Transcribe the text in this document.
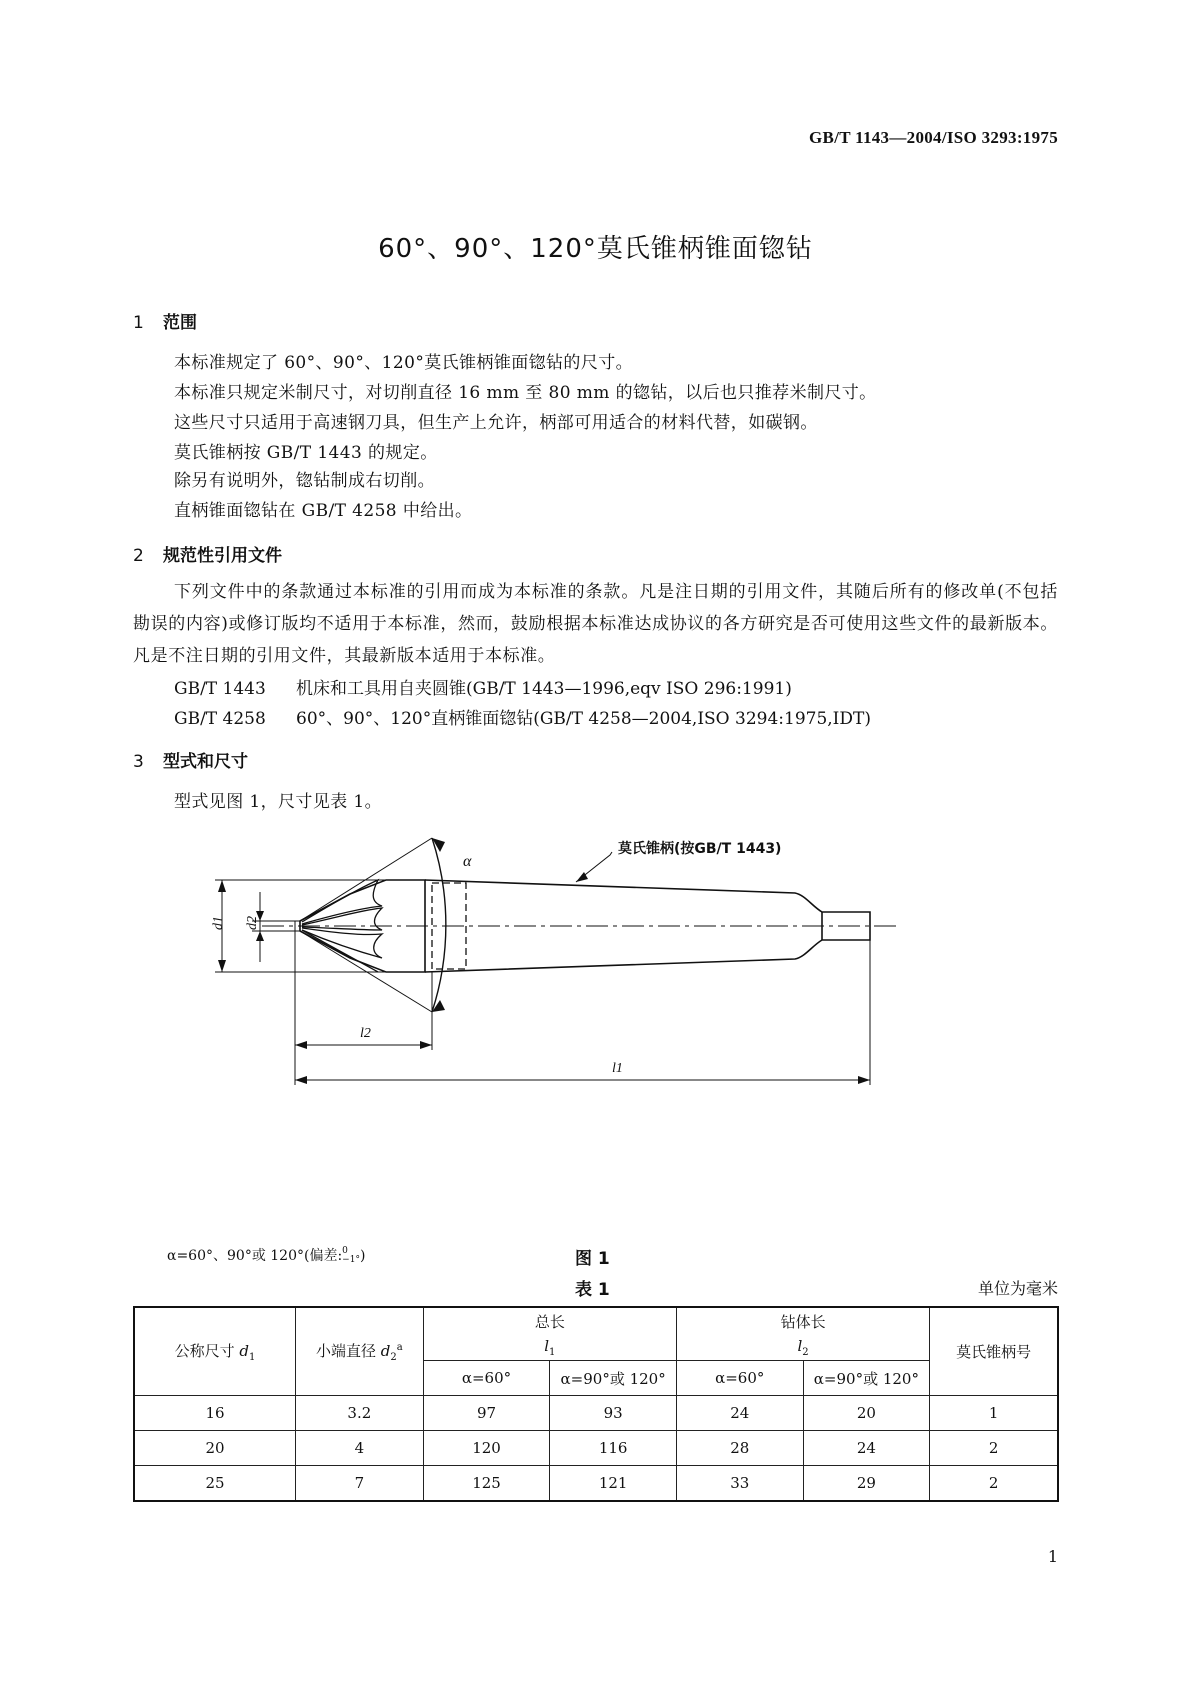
GB/T 1143—2004/ISO 3293:1975
60°、90°、120°莫氏锥柄锥面锪钻
1 范围
本标准规定了 60°、90°、120°莫氏锥柄锥面锪钻的尺寸。
本标准只规定米制尺寸，对切削直径 16 mm 至 80 mm 的锪钻，以后也只推荐米制尺寸。
这些尺寸只适用于高速钢刀具，但生产上允许，柄部可用适合的材料代替，如碳钢。
莫氏锥柄按 GB/T 1443 的规定。
除另有说明外，锪钻制成右切削。
直柄锥面锪钻在 GB/T 4258 中给出。
2 规范性引用文件
下列文件中的条款通过本标准的引用而成为本标准的条款。凡是注日期的引用文件，其随后所有的修改单(不包括勘误的内容)或修订版均不适用于本标准，然而，鼓励根据本标准达成协议的各方研究是否可使用这些文件的最新版本。凡是不注日期的引用文件，其最新版本适用于本标准。
GB/T 1443 机床和工具用自夹圆锥(GB/T 1443—1996,eqv ISO 296:1991)
GB/T 4258 60°、90°、120°直柄锥面锪钻(GB/T 4258—2004,ISO 3294:1975,IDT)
3 型式和尺寸
型式见图 1，尺寸见表 1。
莫氏锥柄(按GB/T 1443)
α
d1 d2
l2
l1
α=60°、90°或 120°(偏差:0
−1°)	图 1
表 1	单位为毫米
公称尺寸 $d_1$	小端直径 $d_2^a$	总长		钻体长		莫氏锥柄号
		$l_1$		$l_2$
		α=60°	α=90°或 120°	α=60°	α=90°或 120°	
16	3.2	97	93	24	20	1
20	4	120	116	28	24	2
25	7	125	121	33	29	2
1
